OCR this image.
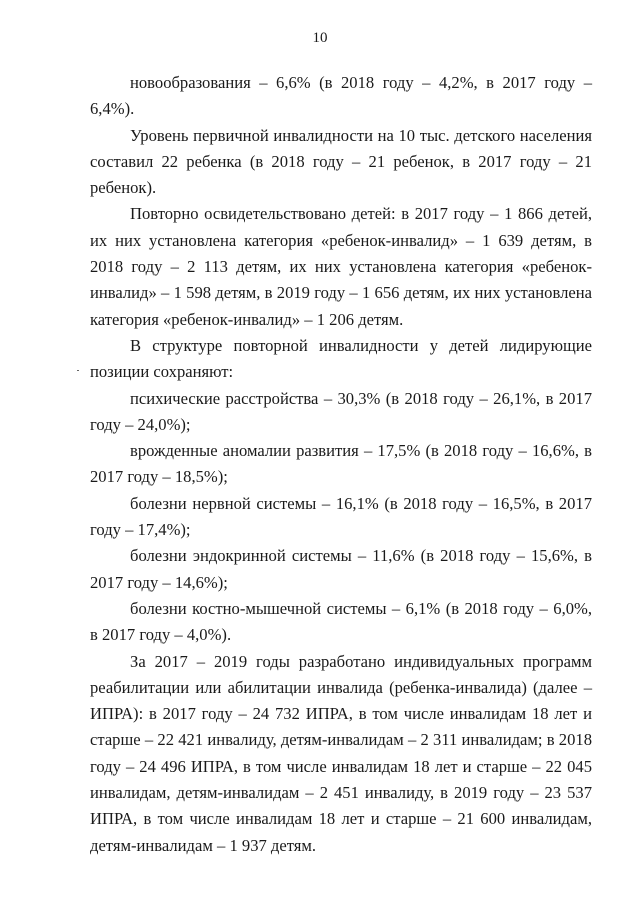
10

новообразования – 6,6% (в 2018 году – 4,2%, в 2017 году – 6,4%).

Уровень первичной инвалидности на 10 тыс. детского населения составил 22 ребенка (в 2018 году – 21 ребенок, в 2017 году – 21 ребенок).

Повторно освидетельствовано детей: в 2017 году – 1 866 детей, их них установлена категория «ребенок-инвалид» – 1 639 детям, в 2018 году – 2 113 детям, их них установлена категория «ребенок-инвалид» – 1 598 детям, в 2019 году – 1 656 детям, их них установлена категория «ребенок-инвалид» – 1 206 детям.

В структуре повторной инвалидности у детей лидирующие позиции сохраняют:

психические расстройства – 30,3% (в 2018 году – 26,1%, в 2017 году – 24,0%);

врожденные аномалии развития – 17,5% (в 2018 году – 16,6%, в 2017 году – 18,5%);

болезни нервной системы – 16,1% (в 2018 году – 16,5%, в 2017 году – 17,4%);

болезни эндокринной системы – 11,6% (в 2018 году – 15,6%, в 2017 году – 14,6%);

болезни костно-мышечной системы – 6,1% (в 2018 году – 6,0%, в 2017 году – 4,0%).

За 2017 – 2019 годы разработано индивидуальных программ реабилитации или абилитации инвалида (ребенка-инвалида) (далее – ИПРА): в 2017 году – 24 732 ИПРА, в том числе инвалидам 18 лет и старше – 22 421 инвалиду, детям-инвалидам – 2 311 инвалидам; в 2018 году – 24 496 ИПРА, в том числе инвалидам 18 лет и старше – 22 045 инвалидам, детям-инвалидам – 2 451 инвалиду, в 2019 году – 23 537 ИПРА, в том числе инвалидам 18 лет и старше – 21 600 инвалидам, детям-инвалидам – 1 937 детям.
